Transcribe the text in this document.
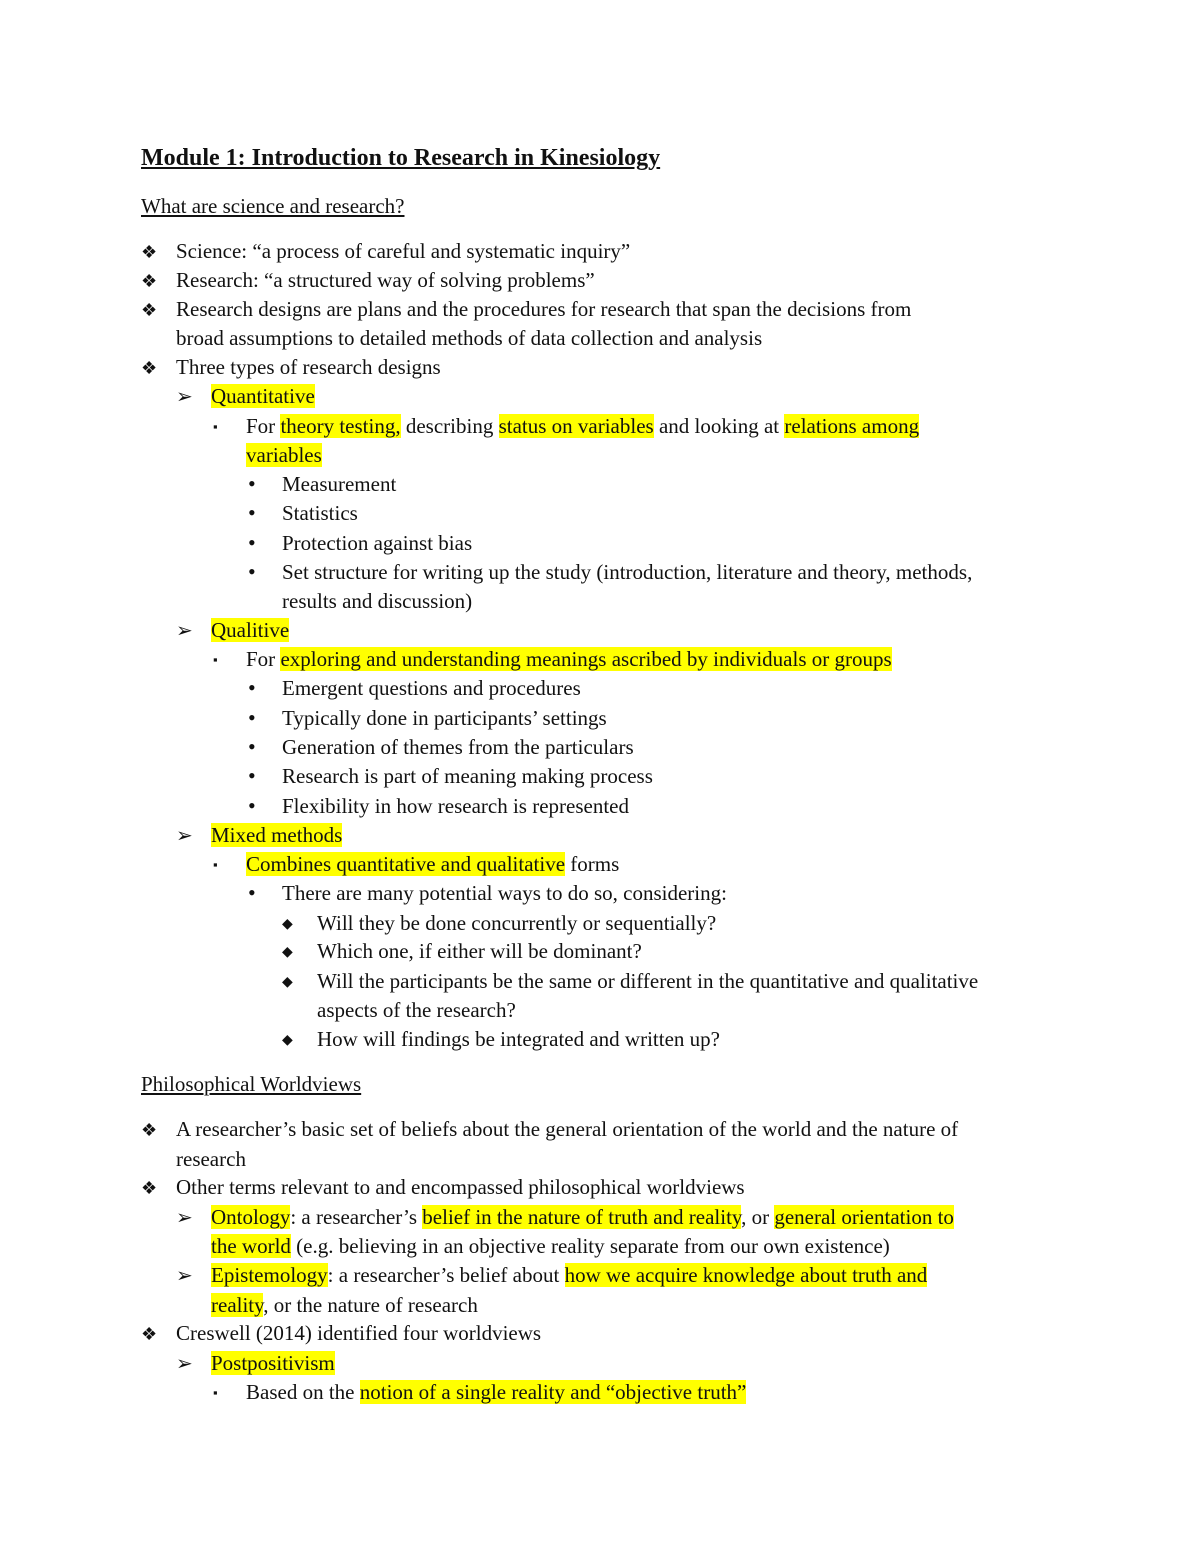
Module 1: Introduction to Research in Kinesiology
What are science and research?
❖ Science: “a process of careful and systematic inquiry”
❖ Research: “a structured way of solving problems”
❖ Research designs are plans and the procedures for research that span the decisions from
broad assumptions to detailed methods of data collection and analysis
❖ Three types of research designs
➢ Quantitative
▪ For theory testing, describing status on variables and looking at relations among
variables
• Measurement
• Statistics
• Protection against bias
• Set structure for writing up the study (introduction, literature and theory, methods,
results and discussion)
➢ Qualitive
▪ For exploring and understanding meanings ascribed by individuals or groups
• Emergent questions and procedures
• Typically done in participants’ settings
• Generation of themes from the particulars
• Research is part of meaning making process
• Flexibility in how research is represented
➢ Mixed methods
▪ Combines quantitative and qualitative forms
• There are many potential ways to do so, considering:
◆ Will they be done concurrently or sequentially?
◆ Which one, if either will be dominant?
◆ Will the participants be the same or different in the quantitative and qualitative
aspects of the research?
◆ How will findings be integrated and written up?
Philosophical Worldviews
❖ A researcher’s basic set of beliefs about the general orientation of the world and the nature of
research
❖ Other terms relevant to and encompassed philosophical worldviews
➢ Ontology: a researcher’s belief in the nature of truth and reality, or general orientation to
the world (e.g. believing in an objective reality separate from our own existence)
➢ Epistemology: a researcher’s belief about how we acquire knowledge about truth and
reality, or the nature of research
❖ Creswell (2014) identified four worldviews
➢ Postpositivism
▪ Based on the notion of a single reality and “objective truth”
